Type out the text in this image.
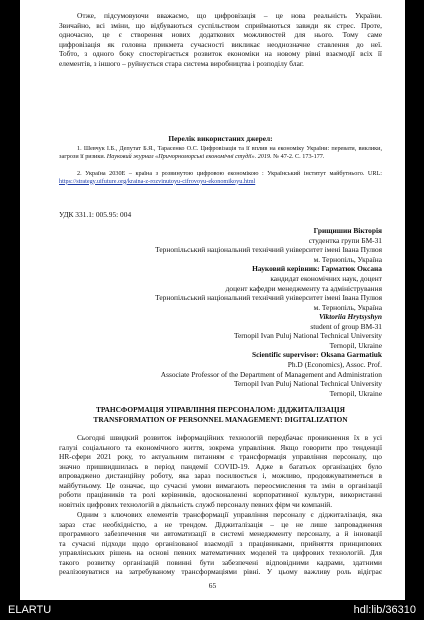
Отже, підсумовуючи вважаємо, що цифровізація – це нова реальність України.
Звичайно, всі зміни, що відбуваються суспільством сприймаються завжди як стрес. Проте,
одночасно, це є створення нових додаткових можливостей для нього. Тому саме
цифровізація як головна прикмета сучасності викликає неоднозначне ставлення до неї.
Тобто, з одного боку спостерігається розвиток економіки на новому рівні взаємодії всіх її
елементів, з іншого – руйнується стара система виробництва і розподілу благ.
Перелік використаних джерел:
1. Шевчук І.Б., Депутат Б.Я., Тарасенко О.С. Цифровізація та її вплив на економіку України: перевати, виклики, загрози її ризики. Науковий журнал «Причорноморські економічні студії». 2019. № 47-2. С. 173-177.
2. Україна 2030Е – країна з розвинутою цифровою економікою : Український інститут майбутнього. URL: https://strategy.uifuture.org/kraina-z-rozvinutoyu-cifrovoyu-ekonomikoyu.html
УДК 331.1: 005.95: 004
Грищишин Вікторія
студентка групи БМ-31
Тернопільський національний технічний університет імені Івана Пулюя
м. Тернопіль, Україна
Науковий керівник: Гарматюк Оксана
кандидат економічних наук, доцент
доцент кафедри менеджменту та адміністрування
Тернопільський національний технічний університет імені Івана Пулюя
м. Тернопіль, Україна
Viktoriia Hrytsyshyn
student of group BM-31
Ternopil Ivan Puluj National Technical University
Ternopil, Ukraine
Scientific supervisor: Oksana Garmatiuk
Ph.D (Economics), Assoc. Prof.
Associate Professor of the Department of Management and Administration
Ternopil Ivan Puluj National Technical University
Ternopil, Ukraine
ТРАНСФОРМАЦІЯ УПРАВЛІННЯ ПЕРСОНАЛОМ: ДІДЖИТАЛІЗАЦІЯ
TRANSFORMATION OF PERSONNEL MANAGEMENT: DIGITALIZATION
Сьогодні швидкий розвиток інформаційних технологій передбачає проникнення їх в усі
галузі соціального та економічного життя, зокрема управління. Якщо говорити про тенденції
HR-сфери 2021 року, то актуальним питанням є трансформація управління персоналу, що
значно пришвидшилась в період пандемії COVID-19. Адже в багатьох організаціях було
впроваджено дистанційну роботу, яка зараз посилюється і, можливо, продовжуватиметься в
майбутньому. Це означає, що сучасні умови вимагають переосмислення та змін в організації
роботи працівників та ролі керівників, вдосконаленні корпоративної культури, використанні
новітніх цифрових технологій в діяльність служб персоналу певних фірм чи компаній.
Одним з ключових елементів трансформації управління персоналу є діджиталізація, яка
зараз стає необхідністю, а не трендом. Діджиталізація – це не лише запровадження
програмного забезпечення чи автоматизації в системі менеджменту персоналу, а й інновації
та сучасні підходи щодо організованої взаємодії з працівниками, прийняття принципових
управлінських рішень на основі певних математичних моделей та цифрових технологій. Для
такого розвитку організацій повинні бути забезпечені відповідними кадрами, здатними
реалізовуватися на затребуваному трансформаціями рівні. У цьому важливу роль відіграє
65
ELARTU	hdl:lib/36310
